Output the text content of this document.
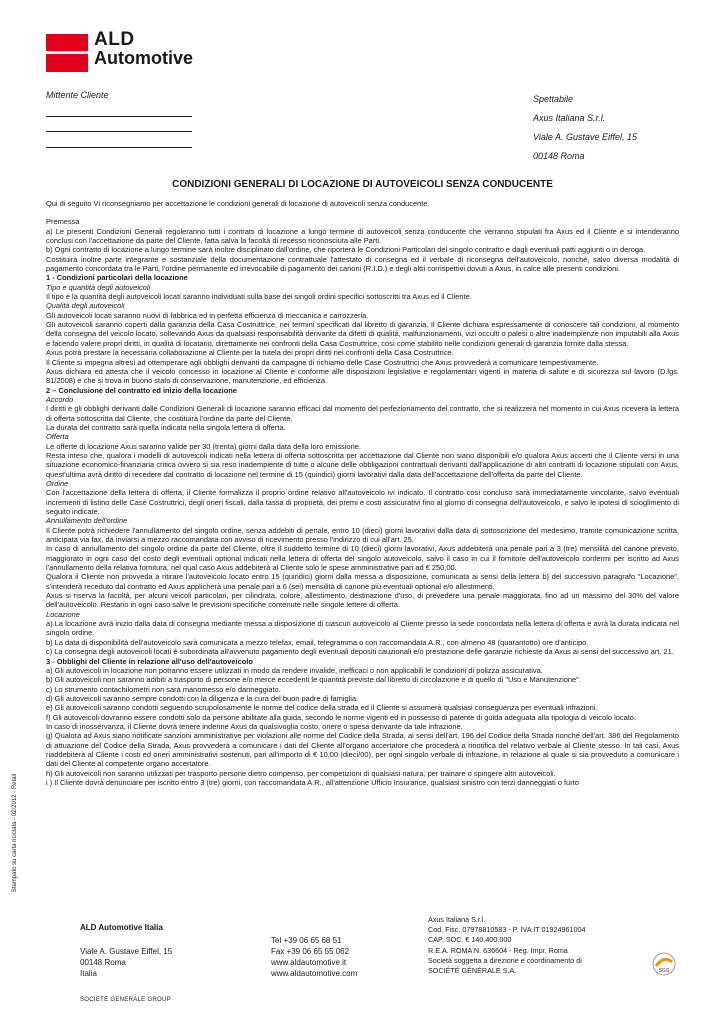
ALD
Automotive
Mittente Cliente	Spettabile
Axus Italiana S.r.l.
Viale A. Gustave Eiffel, 15
00148 Roma
CONDIZIONI GENERALI DI LOCAZIONE DI AUTOVEICOLI SENZA CONDUCENTE

Qui di seguito Vi riconsegniamo per accettazione le condizioni generali di locazione di autoveicoli senza conducente.

Premessa

a) Le presenti Condizioni Generali regoleranno tutti i contratti di locazione a lungo termine di autoveicoli senza conducente che verranno stipulati fra Axus ed il Cliente e si intenderanno conclusi con l'accettazione da parte del Cliente, fatta salva la facoltà di recesso riconosciuta alle Parti.

b) Ogni contratto di locazione a lungo termine sarà inoltre disciplinato dall'ordine, che riporterà le Condizioni Particolari del singolo contratto e dagli eventuali patti aggiunti o in deroga.

Costituirà inoltre parte integrante e sostanziale della documentazione contrattuale l'attestato di consegna ed il verbale di riconsegna dell'autoveicolo, nonché, salvo diversa modalità di pagamento concordata tra le Parti, l'ordine permanente ed irrevocabile di pagamento dei canoni (R.I.D.) e degli altri corrispettivi dovuti a Axus, in calce alle presenti condizioni.

1 - Condizioni particolari della locazione

Tipo e quantità degli autoveicoli

Il tipo e la quantità degli autoveicoli locati saranno individuati sulla base dei singoli ordini specifici sottoscritti tra Axus ed il Cliente.

Qualità degli autoveicoli

Gli autoveicoli locati saranno nuovi di fabbrica ed in perfetta efficienza di meccanica e carrozzeria.

Gli autoveicoli saranno coperti dalla garanzia della Casa Costruttrice, nei termini specificati dal libretto di garanzia. Il Cliente dichiara espressamente di conoscere tali condizioni, al momento della consegna del veicolo locato, sollevando Axus da qualsiasi responsabilità derivante da difetti di qualità, malfunzionamenti, vizi occulti o palesi o altre inadempienze non imputabili alla Axus e facendo valere propri diritti, in qualità di locatario, direttamente nei confronti della Casa Costruttrice, così come stabilito nelle condizioni generali di garanzia fornite dalla stessa.

Axus potrà prestare la necessaria collaborazione al Cliente per la tutela dei propri diritti nei confronti della Casa Costruttrice.

Il Cliente si impegna altresì ad ottemperare agli obblighi derivanti da campagne di richiamo delle Case Costruttrici che Axus provvederà a comunicare tempestivamente.

Axus dichiara ed attesta che il veicolo concesso in locazione al Cliente è conforme alle disposizioni legislative e regolamentari vigenti in materia di salute e di sicurezza sul lavoro (D.lgs. 81/2008) e che si trova in buono stato di conservazione, manutenzione, ed efficienza.

2 – Conclusione del contratto ed inizio della locazione

Accordo

I diritti e gli obblighi derivanti dalle Condizioni Generali di locazione saranno efficaci dal momento del perfezionamento del contratto, che si realizzerà nel momento in cui Axus riceverà la lettera di offerta sottoscritta dal Cliente, che costituirà l'ordine da parte del Cliente.

La durata del contratto sarà quella indicata nella singola lettera di offerta.

Offerta

Le offerte di locazione Axus saranno valide per 30 (trenta) giorni dalla data della loro emissione.

Resta inteso che, qualora i modelli di autoveicoli indicati nella lettera di offerta sottoscritta per accettazione dal Cliente non siano disponibili e/o qualora Axus accerti che il Cliente versi in una situazione economico-finanziaria critica ovvero si sia reso inadempiente di tutte o alcune delle obbligazioni contrattuali derivanti dall'applicazione di altri contratti di locazione stipulati con Axus, quest'ultima avrà diritto di recedere dal contratto di locazione nel termine di 15 (quindici) giorni lavorativi dalla data dell'accettazione dell'offerta da parte del Cliente.

Ordine

Con l'accettazione della lettera di offerta, il Cliente formalizza il proprio ordine relativo all'autoveicolo ivi indicato. Il contratto così concluso sarà immediatamente vincolante, salvo eventuali incrementi di listino delle Case Costruttrici, degli oneri fiscali, dalla tassa di proprietà, dei premi e costi assicurativi fino al giorno di consegna dell'autoveicolo, e salvo le ipotesi di scioglimento di seguito indicate.

Annullamento dell'ordine

Il Cliente potrà richiedere l'annullamento del singolo ordine, senza addebiti di penale, entro 10 (dieci) giorni lavorativi dalla data di sottoscrizione del medesimo, tramite comunicazione scritta, anticipata via fax, da inviarsi a mezzo raccomandata con avviso di ricevimento presso l'indirizzo di cui all'art. 25.

In caso di annullamento del singolo ordine da parte del Cliente, oltre il suddetto termine di 10 (dieci) giorni lavorativi, Axus addebiterà una penale pari a 3 (tre) mensilità del canone previsto, maggiorato in ogni caso del costo degli eventuali optional indicati nella lettera di offerta del singolo autoveicolo, salvo il caso in cui il fornitore dell'autoveicolo confermi per iscritto ad Axus l'annullamento della relativa fornitura, nel qual caso Axus addebiterà al Cliente solo le spese amministrative pari ad € 250,00.

Qualora il Cliente non provveda a ritirare l'autoveicolo locato entro 15 (quindici) giorni dalla messa a disposizione, comunicata ai sensi della lettera b) del successivo paragrafo "Locazione", s'intenderà receduto dal contratto ed Axus applicherà una penale pari a 6 (sei) mensilità di canone più eventuali optional e/o allestimenti.

Axus si riserva la facoltà, per alcuni veicoli particolari, per cilindrata, colore, allestimento, destinazione d'uso, di prevedere una penale maggiorata, fino ad un massimo del 30% del valore dell'autoveicolo. Restano in ogni caso salve le previsioni specifiche contenute nelle singole lettere di offerta.

Locazione

a) La locazione avrà inizio dalla data di consegna mediante messa a disposizione di ciascun autoveicolo al Cliente presso la sede concordata nella lettera di offerta e avrà la durata indicata nel singolo ordine.

b) La data di disponibilità dell'autoveicolo sarà comunicata a mezzo telefax, email, telegramma o con raccomandata A.R., con almeno 48 (quarantotto) ore d'anticipo.

c) La consegna degli autoveicoli locati è subordinata all'avvenuto pagamento degli eventuali depositi cauzionali e/o prestazione delle garanzie richieste da Axus ai sensi del successivo art. 21.

3 - Obblighi del Cliente in relazione all'uso dell'autoveicolo

a) Gli autoveicoli in locazione non potranno essere utilizzati in modo da rendere invalide, inefficaci o non applicabili le condizioni di polizza assicurativa.

b) Gli autoveicoli non saranno adibiti a trasporto di persone e/o merce eccedenti le quantità previste dal libretto di circolazione e di quello di "Uso e Manutenzione".

c) Lo strumento contachilometri non sarà manomesso e/o danneggiato.

d) Gli autoveicoli saranno sempre condotti con la diligenza e la cura del buon padre di famiglia.

e) Gli autoveicoli saranno condotti seguendo scrupolosamente le norme del codice della strada ed il Cliente si assumerà qualsiasi conseguenza per eventuali infrazioni.

f) Gli autoveicoli dovranno essere condotti solo da persone abilitate alla guida, secondo le norme vigenti ed in possesso di patente di guida adeguata alla tipologia di veicolo locato.

In caso di inosservanza, il Cliente dovrà tenere indenne Axus da qualsivoglia costo, onere o spesa derivante da tale infrazione.

g) Qualora ad Axus siano notificate sanzioni amministrative per violazioni alle norme del Codice della Strada, ai sensi dell'art. 196 del Codice della Strada nonché dell'art. 386 del Regolamento di attuazione del Codice della Strada, Axus provvederà a comunicare i dati del Cliente all'organo accertatore che procederà a rinotifica del relativo verbale al Cliente stesso. In tali casi, Axus riaddebiterà al Cliente i costi ed oneri amministrativi sostenuti, pari all'importo di € 10,00 (dieci/00), per ogni singolo verbale di infrazione, in relazione al quale si sia provveduto a comunicare i dati del Cliente al competente organo accertatore.

h) Gli autoveicoli non saranno utilizzati per trasporto persone dietro compenso, per competizioni di qualsiasi natura, per trainare o spingere altri autoveicoli.

i ) Il Cliente dovrà denunciare per iscritto entro 3 (tre) giorni, con raccomandata A.R., all'attenzione Ufficio Insurance, qualsiasi sinistro con terzi danneggiati o furto

Stampato su carta riciclata - 02/2012 - Retail
ALD Automotive Italia
Viale A. Gustave Eiffel, 15
00148 Roma
Italia
Tel +39 06 65 68 51
Fax +39 06 65 55 062
www.aldautomotive.it
www.aldautomotive.com
Axus Italiana S.r.l.
Cod. Fisc. 07978810583 - P. IVA IT 01924961004
CAP. SOC. € 140.400.000
R.E.A. ROMA N. 636604 - Reg. Impr. Roma
Società soggetta a direzione e coordinamento di
SOCIÉTÉ GÉNÉRALE S.A.
SOCIETE GENERALE GROUP
SGS
